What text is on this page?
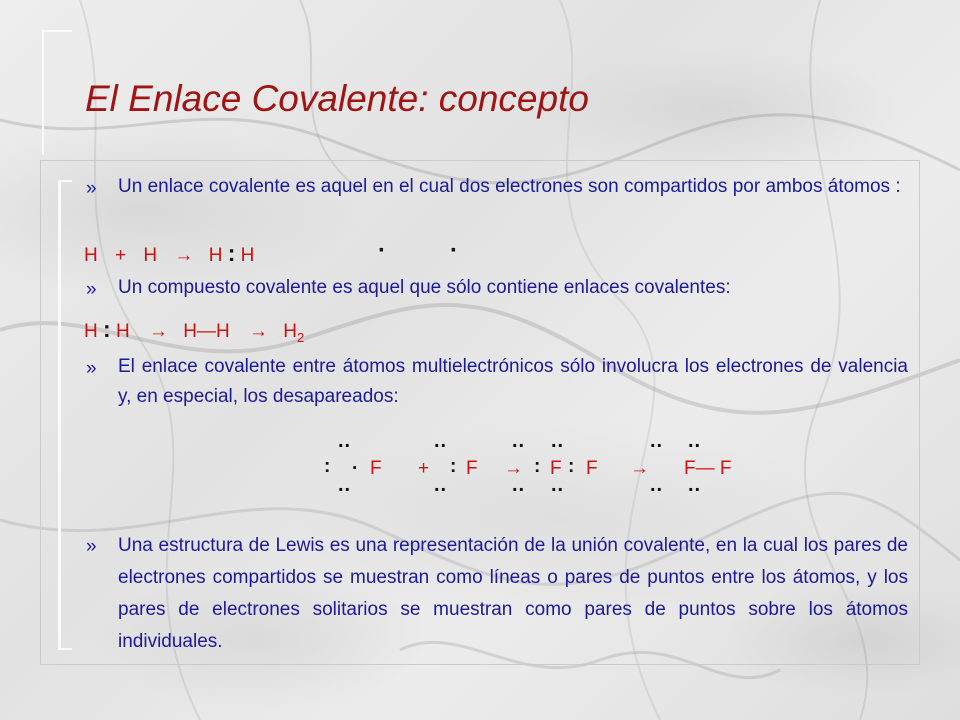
El Enlace Covalente: concepto
» Un enlace covalente es aquel en el cual dos electrones son compartidos por ambos átomos :
H + H → H : H	·	·
» Un compuesto covalente es aquel que sólo contiene enlaces covalentes:
H : H → H—H → $H_2$
» El enlace covalente entre átomos multielectrónicos sólo involucra los electrones de valencia y, en especial, los desapareados:
..	..	.. ..	.. ..
: · F + : F → : F : F → F— F
..	..	.. ..	.. ..
» Una estructura de Lewis es una representación de la unión covalente, en la cual los pares de electrones compartidos se muestran como líneas o pares de puntos entre los átomos, y los pares de electrones solitarios se muestran como pares de puntos sobre los átomos individuales.
